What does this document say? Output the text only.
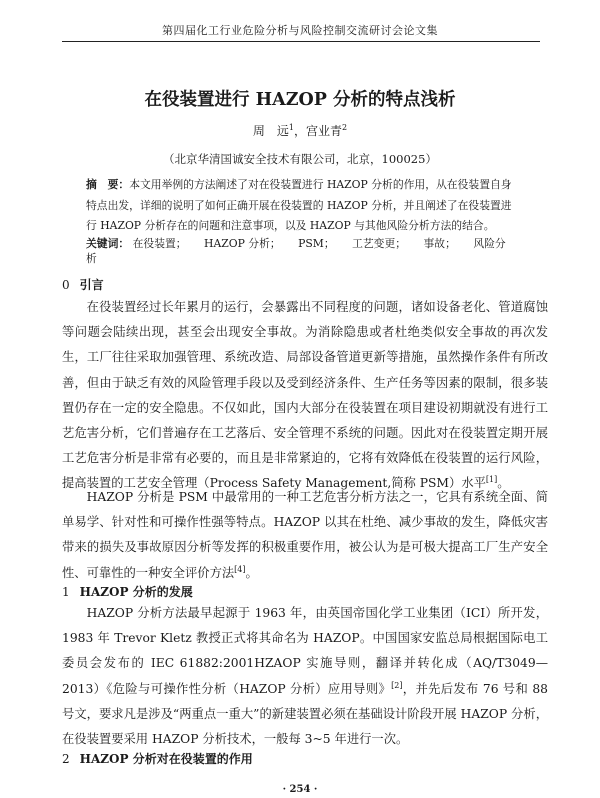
第四届化工行业危险分析与风险控制交流研讨会论文集
在役装置进行 HAZOP 分析的特点浅析
周　远$^1$，宫业青$^2$
（北京华清国诚安全技术有限公司，北京，100025）
摘　要：本文用举例的方法阐述了对在役装置进行 HAZOP 分析的作用，从在役装置自身特点出发，详细的说明了如何正确开展在役装置的 HAZOP 分析，并且阐述了在役装置进行 HAZOP 分析存在的问题和注意事项，以及 HAZOP 与其他风险分析方法的结合。
关键词： 在役装置； HAZOP 分析； PSM； 工艺变更； 事故； 风险分析
0 引言

在役装置经过长年累月的运行，会暴露出不同程度的问题，诸如设备老化、管道腐蚀等问题会陆续出现，甚至会出现安全事故。为消除隐患或者杜绝类似安全事故的再次发生，工厂往往采取加强管理、系统改造、局部设备管道更新等措施，虽然操作条件有所改善，但由于缺乏有效的风险管理手段以及受到经济条件、生产任务等因素的限制，很多装置仍存在一定的安全隐患。不仅如此，国内大部分在役装置在项目建设初期就没有进行工艺危害分析，它们普遍存在工艺落后、安全管理不系统的问题。因此对在役装置定期开展工艺危害分析是非常有必要的，而且是非常紧迫的，它将有效降低在役装置的运行风险，提高装置的工艺安全管理（Process Safety Management,简称 PSM）水平[1]。

HAZOP 分析是 PSM 中最常用的一种工艺危害分析方法之一，它具有系统全面、简单易学、针对性和可操作性强等特点。HAZOP 以其在杜绝、减少事故的发生，降低灾害带来的损失及事故原因分析等发挥的积极重要作用，被公认为是可极大提高工厂生产安全性、可靠性的一种安全评价方法[4]。

1 HAZOP 分析的发展

HAZOP 分析方法最早起源于 1963 年，由英国帝国化学工业集团（ICI）所开发，1983 年 Trevor Kletz 教授正式将其命名为 HAZOP。中国国家安监总局根据国际电工委员会发布的 IEC 61882:2001HZAOP 实施导则，翻译并转化成（AQ/T3049—2013）《危险与可操作性分析（HAZOP 分析）应用导则》[2]，并先后发布 76 号和 88 号文，要求凡是涉及“两重点一重大”的新建装置必须在基础设计阶段开展 HAZOP 分析，在役装置要采用 HAZOP 分析技术，一般每 3~5 年进行一次。

2 HAZOP 分析对在役装置的作用
· 254 ·
